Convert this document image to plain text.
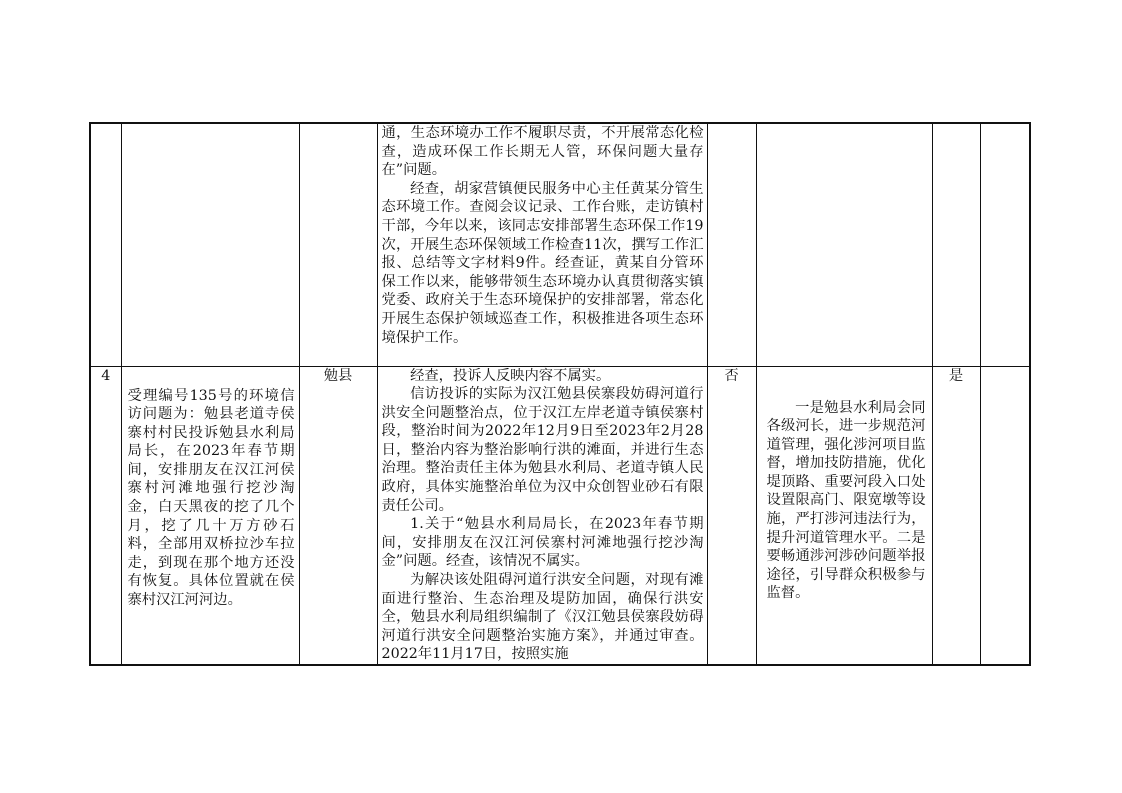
			通，生态环境办工作不履职尽责，不开展常态化检查，造成环保工作长期无人管，环保问题大量存在”问题。

经查，胡家营镇便民服务中心主任黄某分管生态环境工作。查阅会议记录、工作台账，走访镇村干部，今年以来，该同志安排部署生态环保工作19次，开展生态环保领域工作检查11次，撰写工作汇报、总结等文字材料9件。经查证，黄某自分管环保工作以来，能够带领生态环境办认真贯彻落实镇党委、政府关于生态环境保护的安排部署，常态化开展生态保护领域巡查工作，积极推进各项生态环境保护工作。				

4	受理编号135号的环境信访问题为：勉县老道寺侯寨村村民投诉勉县水利局局长，在2023年春节期间，安排朋友在汉江河侯寨村河滩地强行挖沙淘金，白天黑夜的挖了几个月，挖了几十万方砂石料，全部用双桥拉沙车拉走，到现在那个地方还没有恢复。具体位置就在侯寨村汉江河河边。	勉县	经查，投诉人反映内容不属实。

信访投诉的实际为汉江勉县侯寨段妨碍河道行洪安全问题整治点，位于汉江左岸老道寺镇侯寨村段，整治时间为2022年12月9日至2023年2月28日，整治内容为整治影响行洪的滩面，并进行生态治理。整治责任主体为勉县水利局、老道寺镇人民政府，具体实施整治单位为汉中众创智业砂石有限责任公司。

1.关于“勉县水利局局长，在2023年春节期间，安排朋友在汉江河侯寨村河滩地强行挖沙淘金”问题。经查，该情况不属实。

为解决该处阻碍河道行洪安全问题，对现有滩面进行整治、生态治理及堤防加固，确保行洪安全，勉县水利局组织编制了《汉江勉县侯寨段妨碍河道行洪安全问题整治实施方案》，并通过审查。2022年11月17日，按照实施	否	一是勉县水利局会同各级河长，进一步规范河道管理，强化涉河项目监督，增加技防措施，优化堤顶路、重要河段入口处设置限高门、限宽墩等设施，严打涉河违法行为，提升河道管理水平。二是要畅通涉河涉砂问题举报途径，引导群众积极参与监督。	是	
